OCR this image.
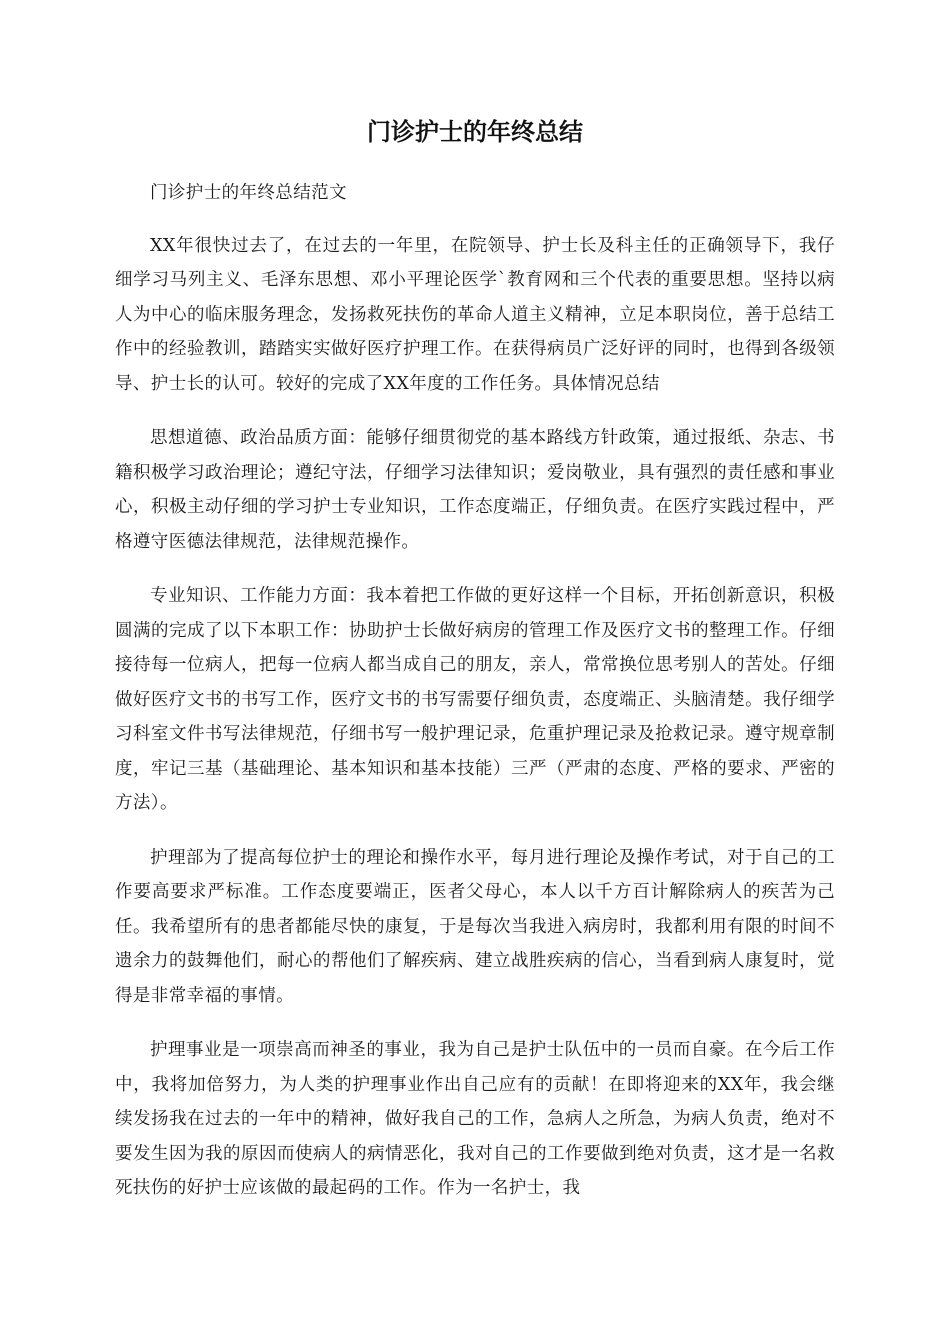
门诊护士的年终总结

门诊护士的年终总结范文

XX年很快过去了，在过去的一年里，在院领导、护士长及科主任的正确领导下，我仔细学习马列主义、毛泽东思想、邓小平理论医学`教育网和三个代表的重要思想。坚持以病人为中心的临床服务理念，发扬救死扶伤的革命人道主义精神，立足本职岗位，善于总结工作中的经验教训，踏踏实实做好医疗护理工作。在获得病员广泛好评的同时，也得到各级领导、护士长的认可。较好的完成了XX年度的工作任务。具体情况总结

思想道德、政治品质方面：能够仔细贯彻党的基本路线方针政策，通过报纸、杂志、书籍积极学习政治理论；遵纪守法，仔细学习法律知识；爱岗敬业，具有强烈的责任感和事业心，积极主动仔细的学习护士专业知识，工作态度端正，仔细负责。在医疗实践过程中，严格遵守医德法律规范，法律规范操作。

专业知识、工作能力方面：我本着把工作做的更好这样一个目标，开拓创新意识，积极圆满的完成了以下本职工作：协助护士长做好病房的管理工作及医疗文书的整理工作。仔细接待每一位病人，把每一位病人都当成自己的朋友，亲人，常常换位思考别人的苦处。仔细做好医疗文书的书写工作，医疗文书的书写需要仔细负责，态度端正、头脑清楚。我仔细学习科室文件书写法律规范，仔细书写一般护理记录，危重护理记录及抢救记录。遵守规章制度，牢记三基（基础理论、基本知识和基本技能）三严（严肃的态度、严格的要求、严密的方法）。

护理部为了提高每位护士的理论和操作水平，每月进行理论及操作考试，对于自己的工作要高要求严标准。工作态度要端正，医者父母心，本人以千方百计解除病人的疾苦为己任。我希望所有的患者都能尽快的康复，于是每次当我进入病房时，我都利用有限的时间不遗余力的鼓舞他们，耐心的帮他们了解疾病、建立战胜疾病的信心，当看到病人康复时，觉得是非常幸福的事情。

护理事业是一项崇高而神圣的事业，我为自己是护士队伍中的一员而自豪。在今后工作中，我将加倍努力，为人类的护理事业作出自己应有的贡献！在即将迎来的XX年，我会继续发扬我在过去的一年中的精神，做好我自己的工作，急病人之所急，为病人负责，绝对不要发生因为我的原因而使病人的病情恶化，我对自己的工作要做到绝对负责，这才是一名救死扶伤的好护士应该做的最起码的工作。作为一名护士，我
